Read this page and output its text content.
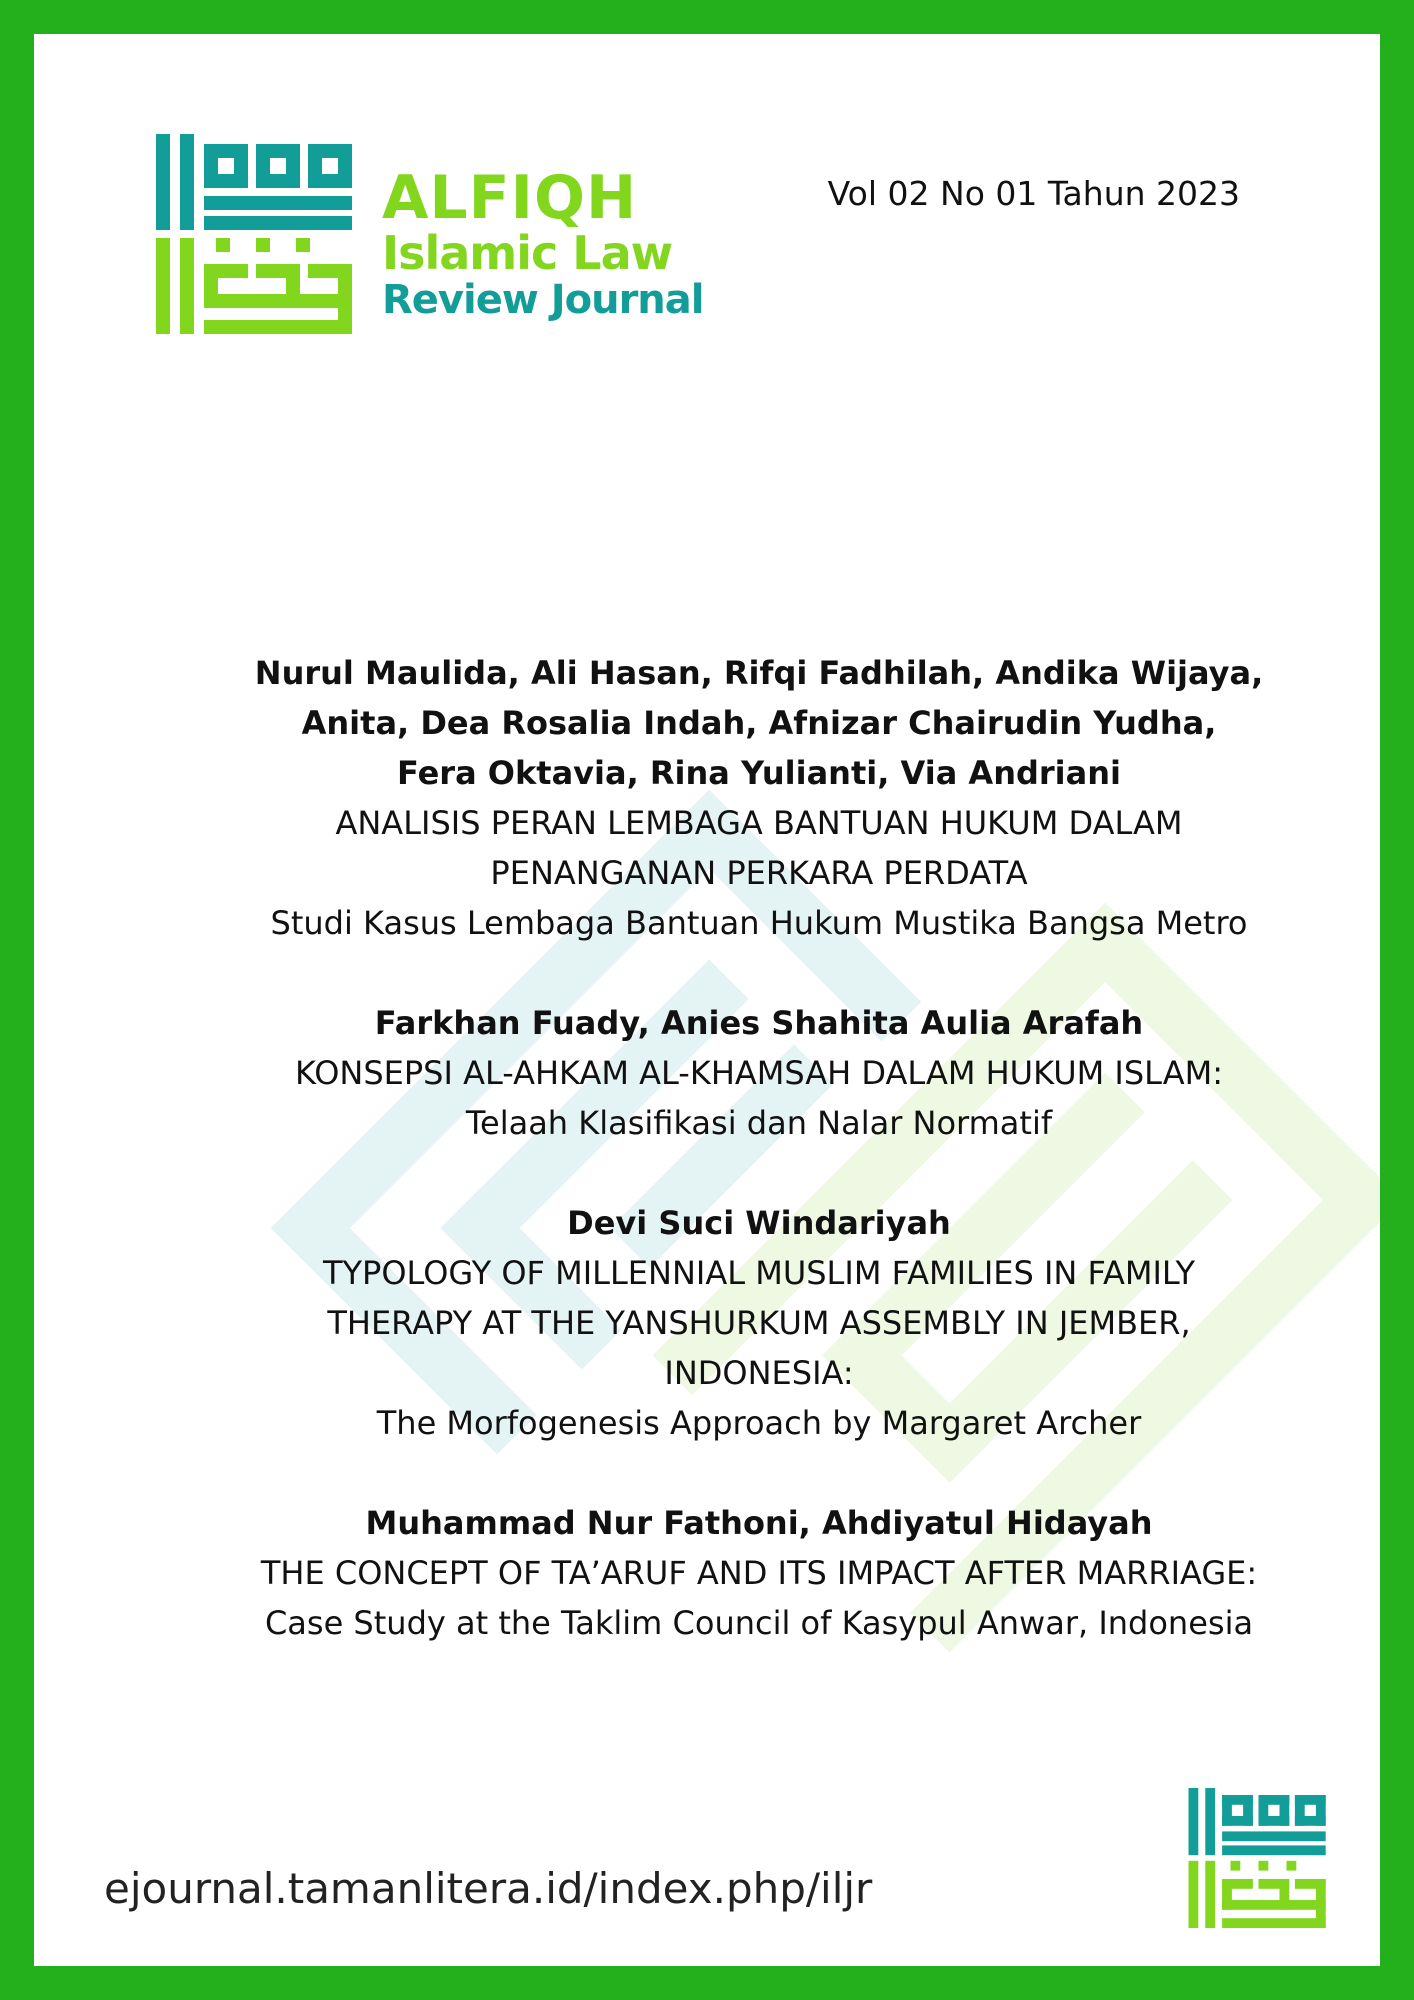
ALFIQH
Islamic Law
Review Journal
Vol 02 No 01 Tahun 2023
Nurul Maulida, Ali Hasan, Rifqi Fadhilah, Andika Wijaya,
Anita, Dea Rosalia Indah, Afnizar Chairudin Yudha,
Fera Oktavia, Rina Yulianti, Via Andriani
ANALISIS PERAN LEMBAGA BANTUAN HUKUM DALAM
PENANGANAN PERKARA PERDATA
Studi Kasus Lembaga Bantuan Hukum Mustika Bangsa Metro
Farkhan Fuady, Anies Shahita Aulia Arafah
KONSEPSI AL-AHKAM AL-KHAMSAH DALAM HUKUM ISLAM:
Telaah Klasifikasi dan Nalar Normatif
Devi Suci Windariyah
TYPOLOGY OF MILLENNIAL MUSLIM FAMILIES IN FAMILY
THERAPY AT THE YANSHURKUM ASSEMBLY IN JEMBER,
INDONESIA:
The Morfogenesis Approach by Margaret Archer
Muhammad Nur Fathoni, Ahdiyatul Hidayah
THE CONCEPT OF TA’ARUF AND ITS IMPACT AFTER MARRIAGE:
Case Study at the Taklim Council of Kasypul Anwar, Indonesia
ejournal.tamanlitera.id/index.php/iljr
